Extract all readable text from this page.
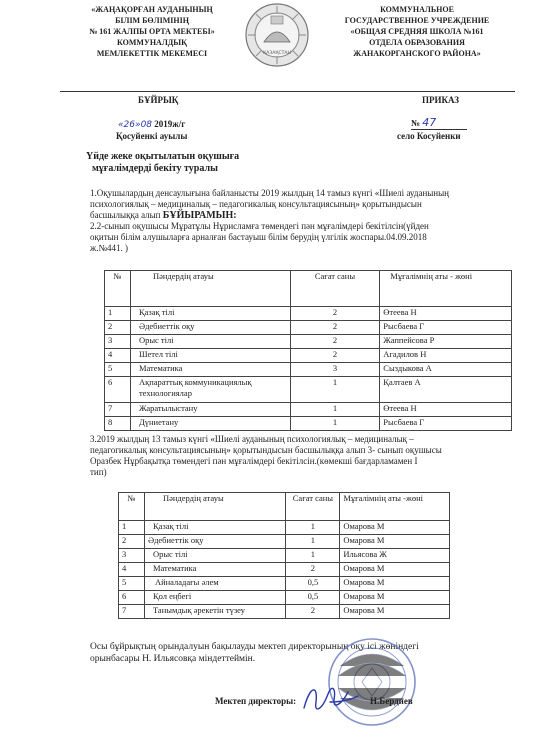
«ЖАҢАҚОРҒАН АУДАНЫНЫҢ
БІЛІМ БӨЛІМІНІҢ
№ 161 ЖАЛПЫ ОРТА МЕКТЕБІ»
КОММУНАЛДЫҚ
МЕМЛЕКЕТТІК МЕКЕМЕСІ	ҚАЗАҚСТАН
КОММУНАЛЬНОЕ
ГОСУДАРСТВЕННОЕ УЧРЕЖДЕНИЕ
«ОБЩАЯ СРЕДНЯЯ ШКОЛА №161
ОТДЕЛА ОБРАЗОВАНИЯ
ЖАНАКОРГАНСКОГО РАЙОНА»
БҰЙРЫҚ	ПРИКАЗ
«26»08 2019ж/г
Қосуйенкі ауылы
№ 47
село Косуйенки
Үйде жеке оқытылатын оқушыға
мұғалімдерді бекіту туралы
1.Оқушылардың денсаулығына байланысты 2019 жылдың 14 тамыз күнгі «Шиелі ауданының
психологиялық – медициналық – педагогикалық консультациясының» қорытындысын
басшылыққа алып БҰЙЫРАМЫН:
2.2-сынып оқушысы Мұратұлы Нұрисламға төмендегі пән мұғалімдері бекітілсін(үйден
оқитын білім алушыларға арналған бастауыш білім берудің үлгілік жоспары.04.09.2018
ж.№441. )
№	Пәндердің атауы	Сағат саны	Мұғалімнің аты - жөні
1	Қазақ тілі	2	Өтеева Н
2	Әдебиеттік оқу	2	Рысбаева Г
3	Орыс тілі	2	Жаппейсова Р
4	Шетел тілі	2	Агадилов Н
5	Математика	3	Сыздыкова А
6	Ақпараттық коммуникациялық технологиялар	1	Қалтаев А
7	Жаратылыстану	1	Өтеева Н
8	Дүниетану	1	Рысбаева Г
3.2019 жылдың 13 тамыз күнгі «Шиелі ауданының психологиялық – медициналық –
педагогикалық консультациясының» қорытындысын басшылыққа алып 3- сынып оқушысы
Оразбек Нұрбақытқа төмендегі пән мұғалімдері бекітілсін.(көмекші бағдарламамен І
тип)
№	Пәндердің атауы	Сағат саны	Мұғалімнің аты -жөні
1	Қазақ тілі	1	Омарова М
2	Әдебиеттік оқу	1	Омарова М
3	Орыс тілі	1	Ильясова Ж
4	Математика	2	Омарова М
5	Айналадағы әлем	0,5	Омарова М
6	Қол еңбегі	0,5	Омарова М
7	Танымдық әрекетін түзеу	2	Омарова М
Осы бұйрықтың орындалуын бақылауды мектеп директорының оқу ісі жөніндегі
орынбасары Н. Ильясовқа міндеттеймін.
Мектеп директоры:	Н.Бердиев
